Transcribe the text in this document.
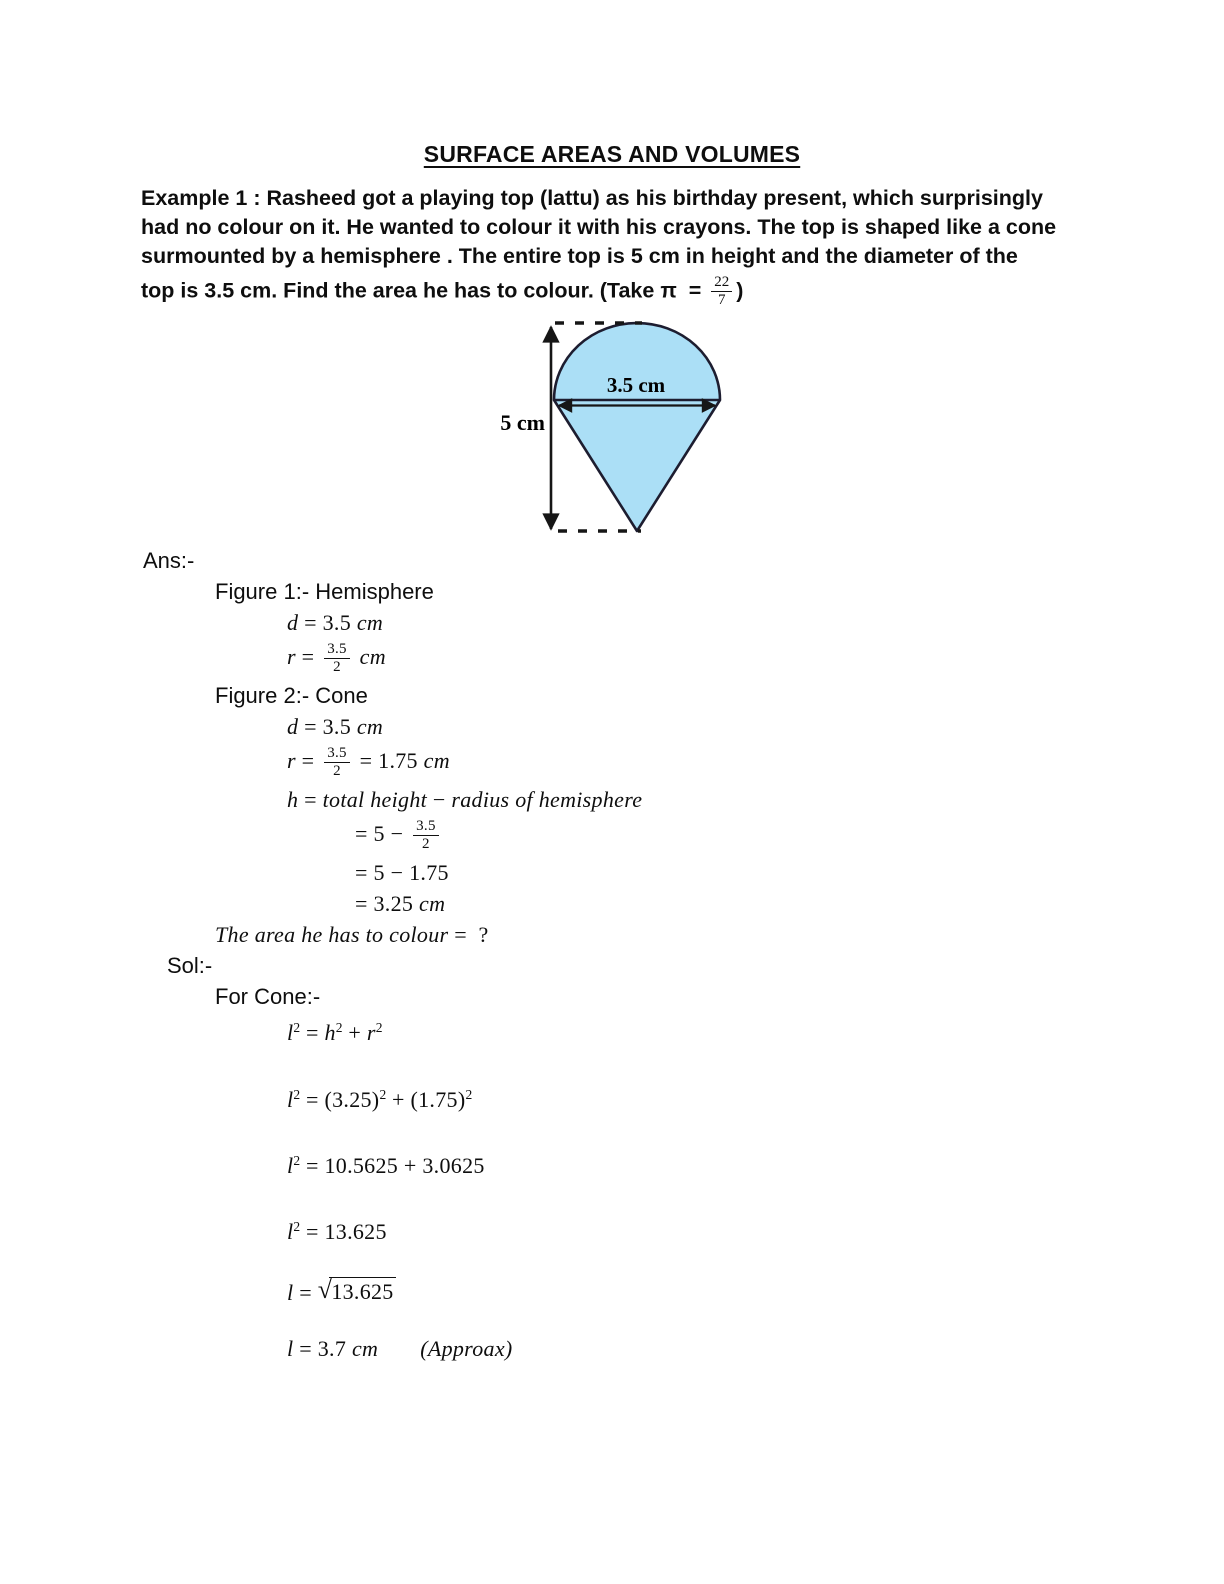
SURFACE AREAS AND VOLUMES
Example 1 : Rasheed got a playing top (lattu) as his birthday present, which surprisingly
had no colour on it. He wanted to colour it with his crayons. The top is shaped like a cone
surmounted by a hemisphere . The entire top is 5 cm in height and the diameter of the
top is 3.5 cm. Find the area he has to colour. (Take $\pi = \frac{22}{7}$ )
3.5 cm
5 cm
Ans:-
Figure 1:- Hemisphere
d = 3.5 cm
$r = \frac{3.5}{2}$ cm
Figure 2:- Cone
d = 3.5 cm
$r = \frac{3.5}{2} = 1.75$ cm
h = total height − radius of hemisphere
= $5 - \frac{3.5}{2}$
= 5 − 1.75
= 3.25 cm
The area he has to colour =  ?
Sol:-
For Cone:-
$l^2 = h^2 + r^2$
$l^2 = (3.25)^2 + (1.75)^2$
$l^2 = 10.5625 + 3.0625$
$l^2 = 13.625$
l = √13.625
l = 3.7 cm (Approax)
